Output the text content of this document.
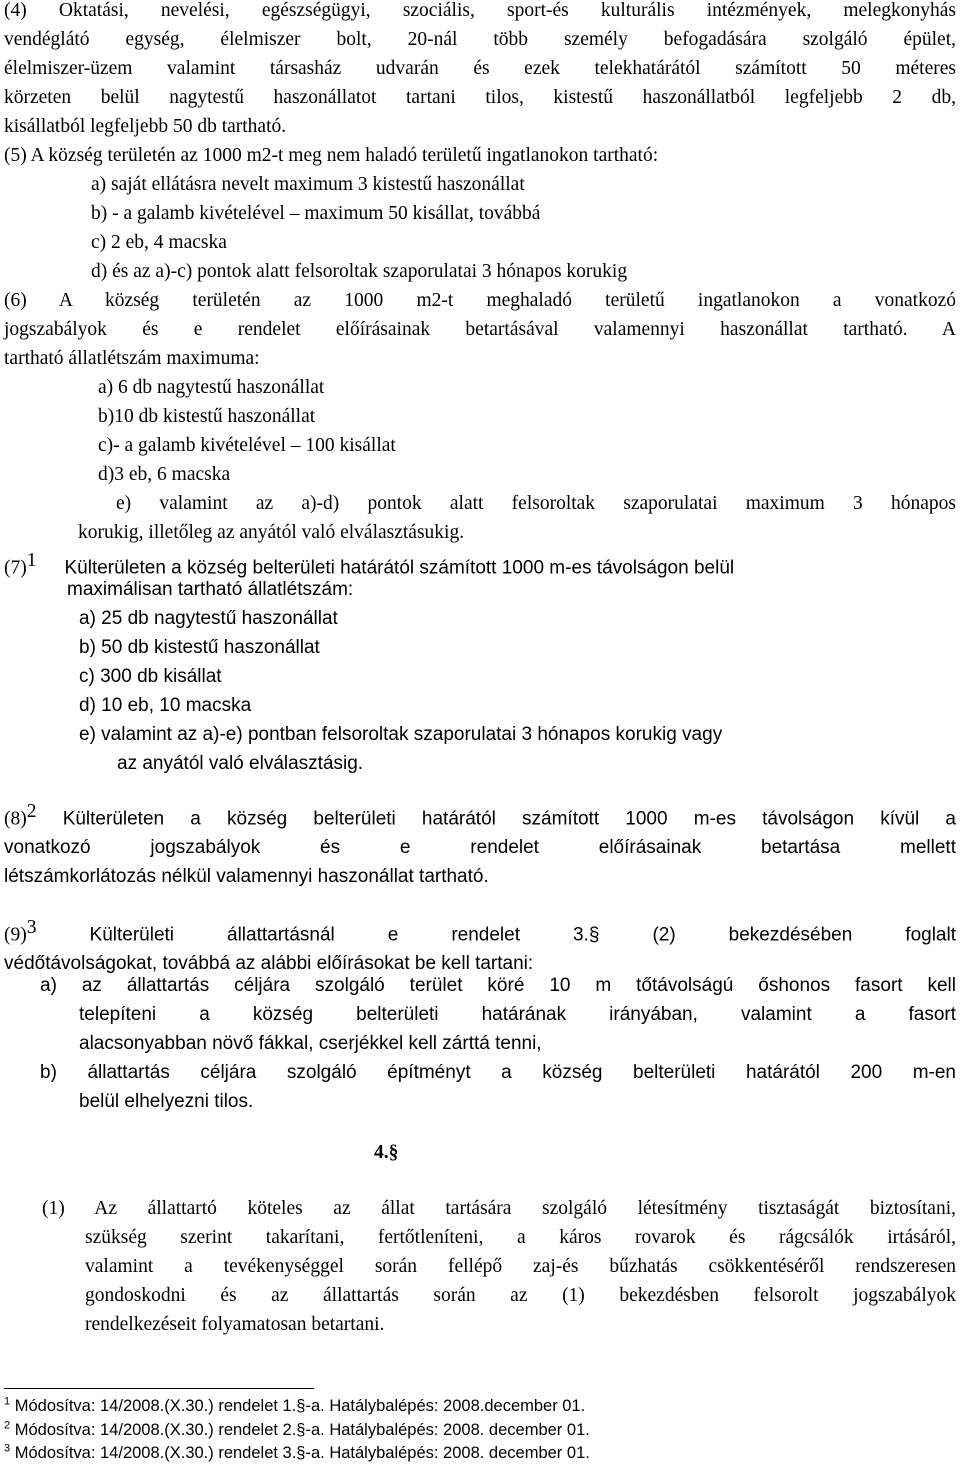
(4) Oktatási, nevelési, egészségügyi, szociális, sport-és kulturális intézmények, melegkonyhás
vendéglátó egység, élelmiszer bolt, 20-nál több személy befogadására szolgáló épület,
élelmiszer-üzem valamint társasház udvarán és ezek telekhatárától számított 50 méteres
körzeten belül nagytestű haszonállatot tartani tilos, kistestű haszonállatból legfeljebb 2 db,
kisállatból legfeljebb 50 db tartható.
(5) A község területén az 1000 m2-t meg nem haladó területű ingatlanokon tartható:
a) saját ellátásra nevelt maximum 3 kistestű haszonállat
b) - a galamb kivételével – maximum 50 kisállat, továbbá
c) 2 eb, 4 macska
d) és az a)-c) pontok alatt felsoroltak szaporulatai 3 hónapos korukig
(6) A község területén az 1000 m2-t meghaladó területű ingatlanokon a vonatkozó
jogszabályok és e rendelet előírásainak betartásával valamennyi haszonállat tartható. A
tartható állatlétszám maximuma:
a) 6 db nagytestű haszonállat
b)10 db kistestű haszonállat
c)- a galamb kivételével – 100 kisállat
d)3 eb, 6 macska
e) valamint az a)-d) pontok alatt felsoroltak szaporulatai maximum 3 hónapos
korukig, illetőleg az anyától való elválasztásukig.
$(7)^1$ Külterületen a község belterületi határától számított 1000 m-es távolságon belül
maximálisan tartható állatlétszám:
a) 25 db nagytestű haszonállat
b) 50 db kistestű haszonállat
c) 300 db kisállat
d) 10 eb, 10 macska
e) valamint az a)-e) pontban felsoroltak szaporulatai 3 hónapos korukig vagy
az anyától való elválasztásig.
$(8)^2$ Külterületen a község belterületi határától számított 1000 m-es távolságon kívül a
vonatkozó jogszabályok és e rendelet előírásainak betartása mellett
létszámkorlátozás nélkül valamennyi haszonállat tartható.
$(9)^3$	Külterületi állattartásnál e rendelet 3.§ (2) bekezdésében foglalt
védőtávolságokat, továbbá az alábbi előírásokat be kell tartani:
a) az állattartás céljára szolgáló terület köré 10 m tőtávolságú őshonos fasort kell
telepíteni a község belterületi határának irányában, valamint a fasort
alacsonyabban növő fákkal, cserjékkel kell zárttá tenni,
b) állattartás céljára szolgáló építményt a község belterületi határától 200 m-en
belül elhelyezni tilos.
4.§
(1) Az állattartó köteles az állat tartására szolgáló létesítmény tisztaságát biztosítani,
szükség szerint takarítani, fertőtleníteni, a káros rovarok és rágcsálók irtásáról,
valamint a tevékenységgel során fellépő zaj-és bűzhatás csökkentéséről rendszeresen
gondoskodni és az állattartás során az (1) bekezdésben felsorolt jogszabályok
rendelkezéseit folyamatosan betartani.
$^1$ Módosítva: 14/2008.(X.30.) rendelet 1.§-a. Hatálybalépés: 2008.december 01.
$^2$ Módosítva: 14/2008.(X.30.) rendelet 2.§-a. Hatálybalépés: 2008. december 01.
$^3$ Módosítva: 14/2008.(X.30.) rendelet 3.§-a. Hatálybalépés: 2008. december 01.
